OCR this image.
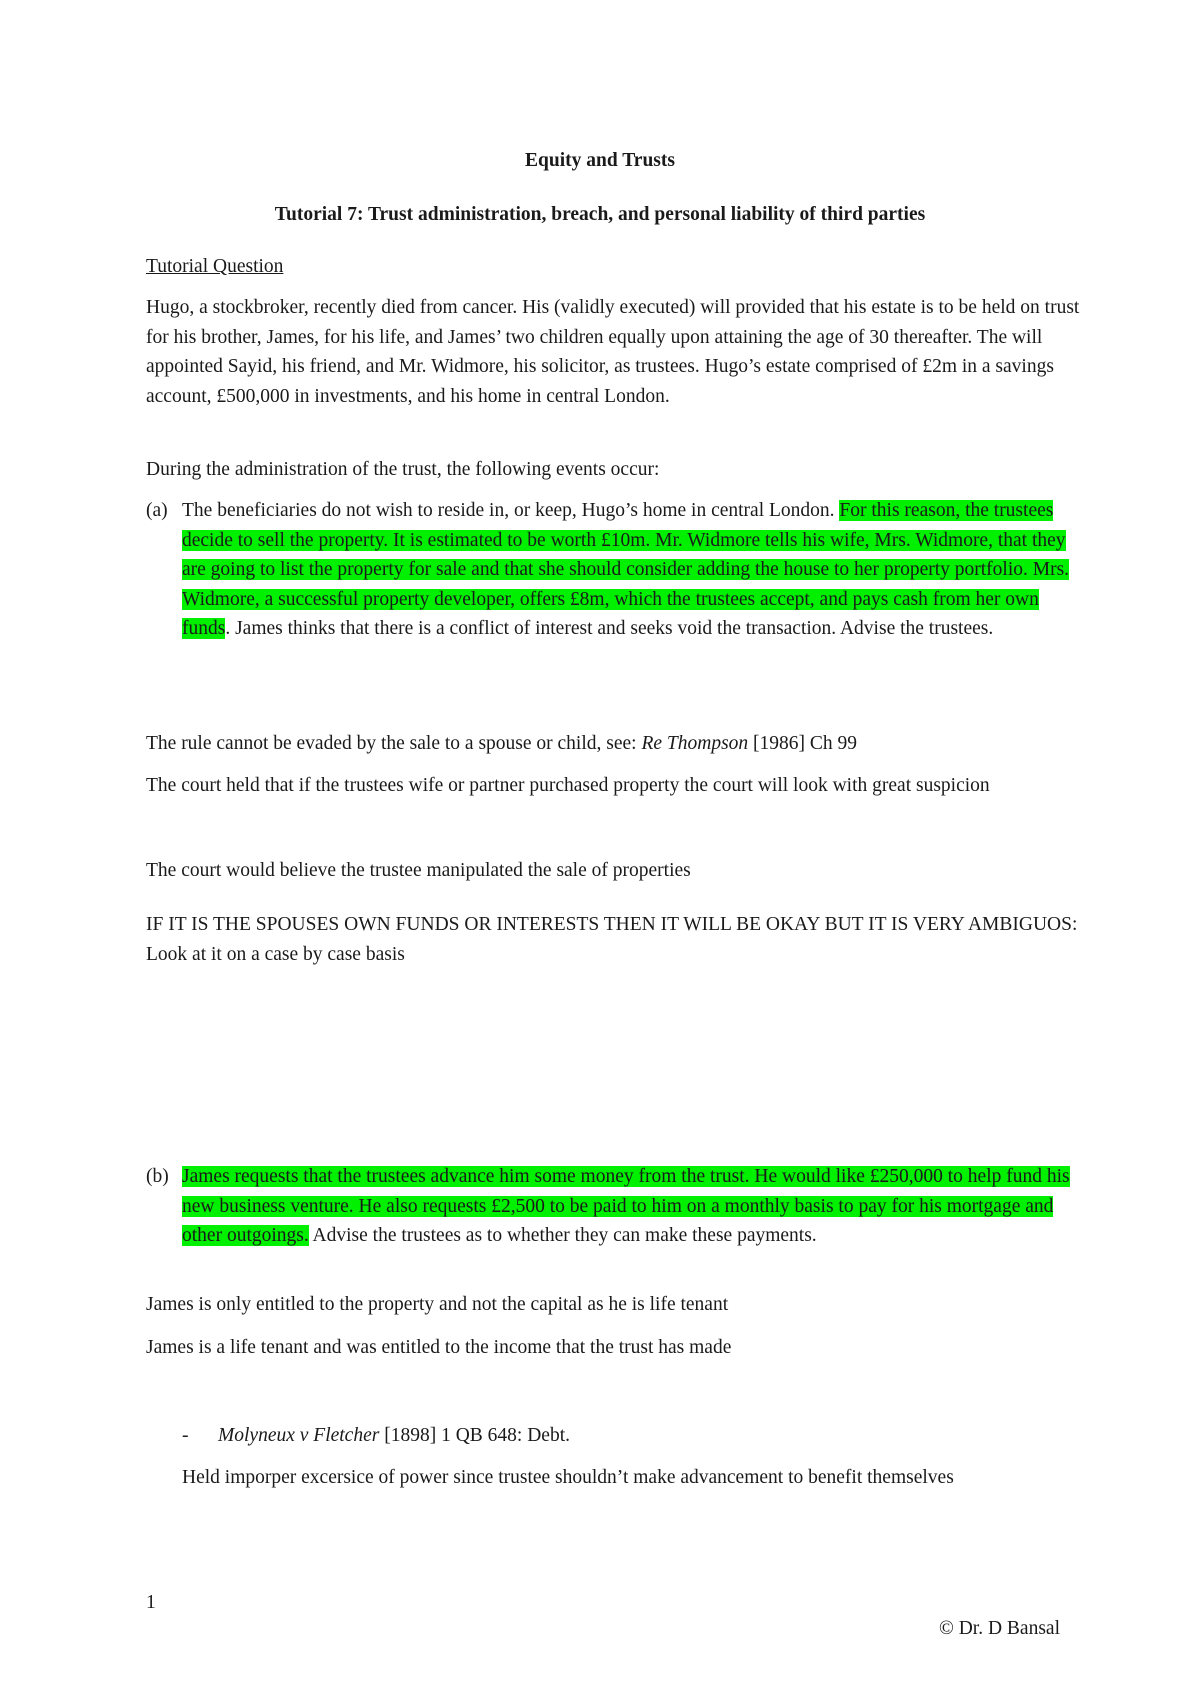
Equity and Trusts
Tutorial 7: Trust administration, breach, and personal liability of third parties
Tutorial Question
Hugo, a stockbroker, recently died from cancer. His (validly executed) will provided that his estate is to be held on trust for his brother, James, for his life, and James’ two children equally upon attaining the age of 30 thereafter. The will appointed Sayid, his friend, and Mr. Widmore, his solicitor, as trustees. Hugo’s estate comprised of £2m in a savings account, £500,000 in investments, and his home in central London.
During the administration of the trust, the following events occur:
(a) The beneficiaries do not wish to reside in, or keep, Hugo’s home in central London. For this reason, the trustees decide to sell the property. It is estimated to be worth £10m. Mr. Widmore tells his wife, Mrs. Widmore, that they are going to list the property for sale and that she should consider adding the house to her property portfolio. Mrs. Widmore, a successful property developer, offers £8m, which the trustees accept, and pays cash from her own funds. James thinks that there is a conflict of interest and seeks void the transaction. Advise the trustees.
The rule cannot be evaded by the sale to a spouse or child, see: Re Thompson [1986] Ch 99
The court held that if the trustees wife or partner purchased property the court will look with great suspicion
The court would believe the trustee manipulated the sale of properties
IF IT IS THE SPOUSES OWN FUNDS OR INTERESTS THEN IT WILL BE OKAY BUT IT IS VERY AMBIGUOS: Look at it on a case by case basis
(b) James requests that the trustees advance him some money from the trust. He would like £250,000 to help fund his new business venture. He also requests £2,500 to be paid to him on a monthly basis to pay for his mortgage and other outgoings. Advise the trustees as to whether they can make these payments.
James is only entitled to the property and not the capital as he is life tenant
James is a life tenant and was entitled to the income that the trust has made
- Molyneux v Fletcher [1898] 1 QB 648: Debt.
Held imporper excersice of power since trustee shouldn’t make advancement to benefit themselves
1
© Dr. D Bansal
